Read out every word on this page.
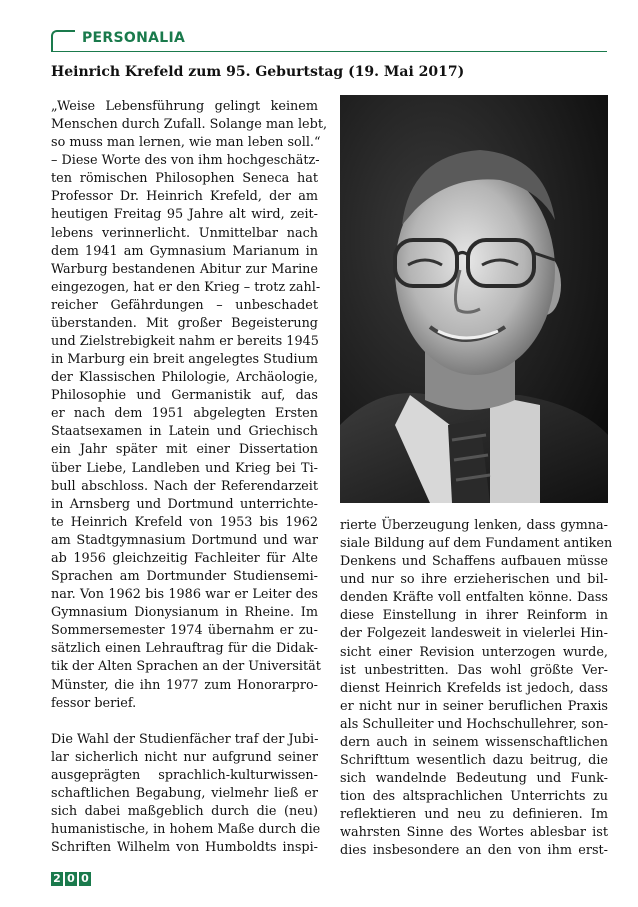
PERSONALIA
Heinrich Krefeld zum 95. Geburtstag (19. Mai 2017)
„Weise Lebensführung gelingt keinem
Menschen durch Zufall. Solange man lebt,
so muss man lernen, wie man leben soll.“
– Diese Worte des von ihm hochgeschätz-
ten römischen Philosophen Seneca hat
Professor Dr. Heinrich Krefeld, der am
heutigen Freitag 95 Jahre alt wird, zeit-
lebens verinnerlicht. Unmittelbar nach
dem 1941 am Gymnasium Marianum in
Warburg bestandenen Abitur zur Marine
eingezogen, hat er den Krieg – trotz zahl-
reicher Gefährdungen – unbeschadet
überstanden. Mit großer Begeisterung
und Zielstrebigkeit nahm er bereits 1945
in Marburg ein breit angelegtes Studium
der Klassischen Philologie, Archäologie,
Philosophie und Germanistik auf, das
er nach dem 1951 abgelegten Ersten
Staatsexamen in Latein und Griechisch
ein Jahr später mit einer Dissertation
über Liebe, Landleben und Krieg bei Ti-
bull abschloss. Nach der Referendarzeit
in Arnsberg und Dortmund unterrichte-
te Heinrich Krefeld von 1953 bis 1962
am Stadtgymnasium Dortmund und war
ab 1956 gleichzeitig Fachleiter für Alte
Sprachen am Dortmunder Studiensemi-
nar. Von 1962 bis 1986 war er Leiter des
Gymnasium Dionysianum in Rheine. Im
Sommersemester 1974 übernahm er zu-
sätzlich einen Lehrauftrag für die Didak-
tik der Alten Sprachen an der Universität
Münster, die ihn 1977 zum Honorarpro-
fessor berief.
Die Wahl der Studienfächer traf der Jubi-
lar sicherlich nicht nur aufgrund seiner
ausgeprägten sprachlich-kulturwissen-
schaftlichen Begabung, vielmehr ließ er
sich dabei maßgeblich durch die (neu)
humanistische, in hohem Maße durch die
Schriften Wilhelm von Humboldts inspi-
rierte Überzeugung lenken, dass gymna-
siale Bildung auf dem Fundament antiken
Denkens und Schaffens aufbauen müsse
und nur so ihre erzieherischen und bil-
denden Kräfte voll entfalten könne. Dass
diese Einstellung in ihrer Reinform in
der Folgezeit landesweit in vielerlei Hin-
sicht einer Revision unterzogen wurde,
ist unbestritten. Das wohl größte Ver-
dienst Heinrich Krefelds ist jedoch, dass
er nicht nur in seiner beruflichen Praxis
als Schulleiter und Hochschullehrer, son-
dern auch in seinem wissenschaftlichen
Schrifttum wesentlich dazu beitrug, die
sich wandelnde Bedeutung und Funk-
tion des altsprachlichen Unterrichts zu
reflektieren und neu zu definieren. Im
wahrsten Sinne des Wortes ablesbar ist
dies insbesondere an den von ihm erst-
2 0 0
